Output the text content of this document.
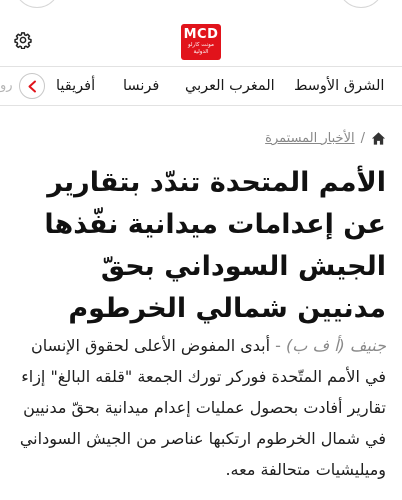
MCD
مونت كارلو
الدولية
رو	أفريقيا فرنسا المغرب العربي الشرق الأوسط
/الأخبار المستمرة
الأمم المتحدة تندّد بتقارير عن إعدامات ميدانية نفّذها الجيش السوداني بحقّ مدنيين شمالي الخرطوم

جنيف (أ ف ب) - أبدى المفوض الأعلى لحقوق الإنسان في الأمم المتّحدة فوركر تورك الجمعة "قلقه البالغ" إزاء تقارير أفادت بحصول عمليات إعدام ميدانية بحقّ مدنيين في شمال الخرطوم ارتكبها عناصر من الجيش السوداني وميليشيات متحالفة معه.
